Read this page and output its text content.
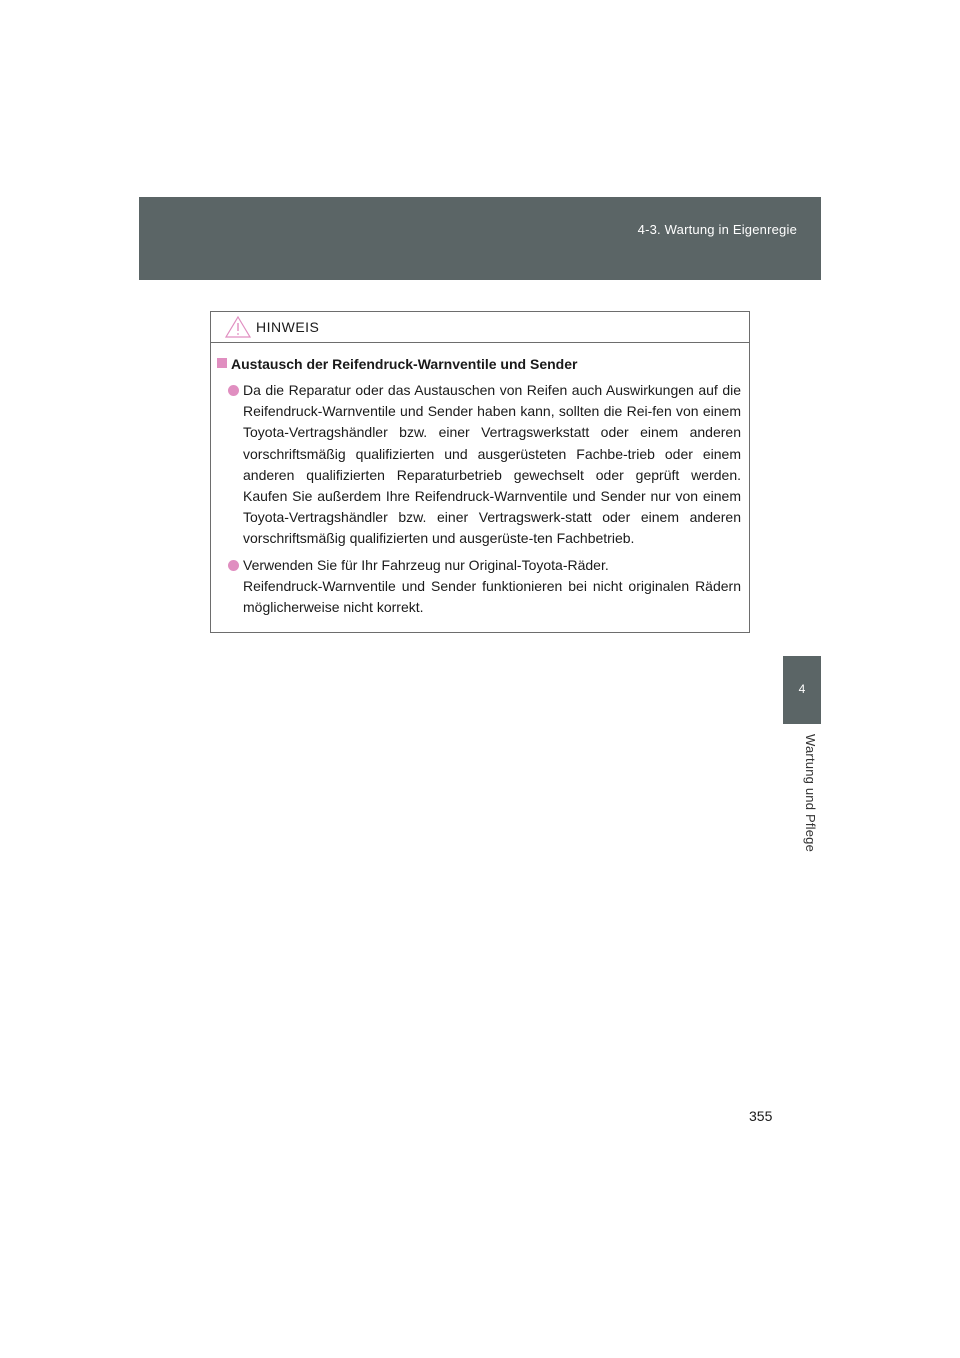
4-3. Wartung in Eigenregie
4
Wartung und Pflege
HINWEIS
Austausch der Reifendruck-Warnventile und Sender
Da die Reparatur oder das Austauschen von Reifen auch Auswirkungen auf die Reifendruck-Warnventile und Sender haben kann, sollten die Rei-fen von einem Toyota-Vertragshändler bzw. einer Vertragswerkstatt oder einem anderen vorschriftsmäßig qualifizierten und ausgerüsteten Fachbe-trieb oder einem anderen qualifizierten Reparaturbetrieb gewechselt oder geprüft werden. Kaufen Sie außerdem Ihre Reifendruck-Warnventile und Sender nur von einem Toyota-Vertragshändler bzw. einer Vertragswerk-statt oder einem anderen vorschriftsmäßig qualifizierten und ausgerüste-ten Fachbetrieb.
Verwenden Sie für Ihr Fahrzeug nur Original-Toyota-Räder.
Reifendruck-Warnventile und Sender funktionieren bei nicht originalen Rädern möglicherweise nicht korrekt.
355
